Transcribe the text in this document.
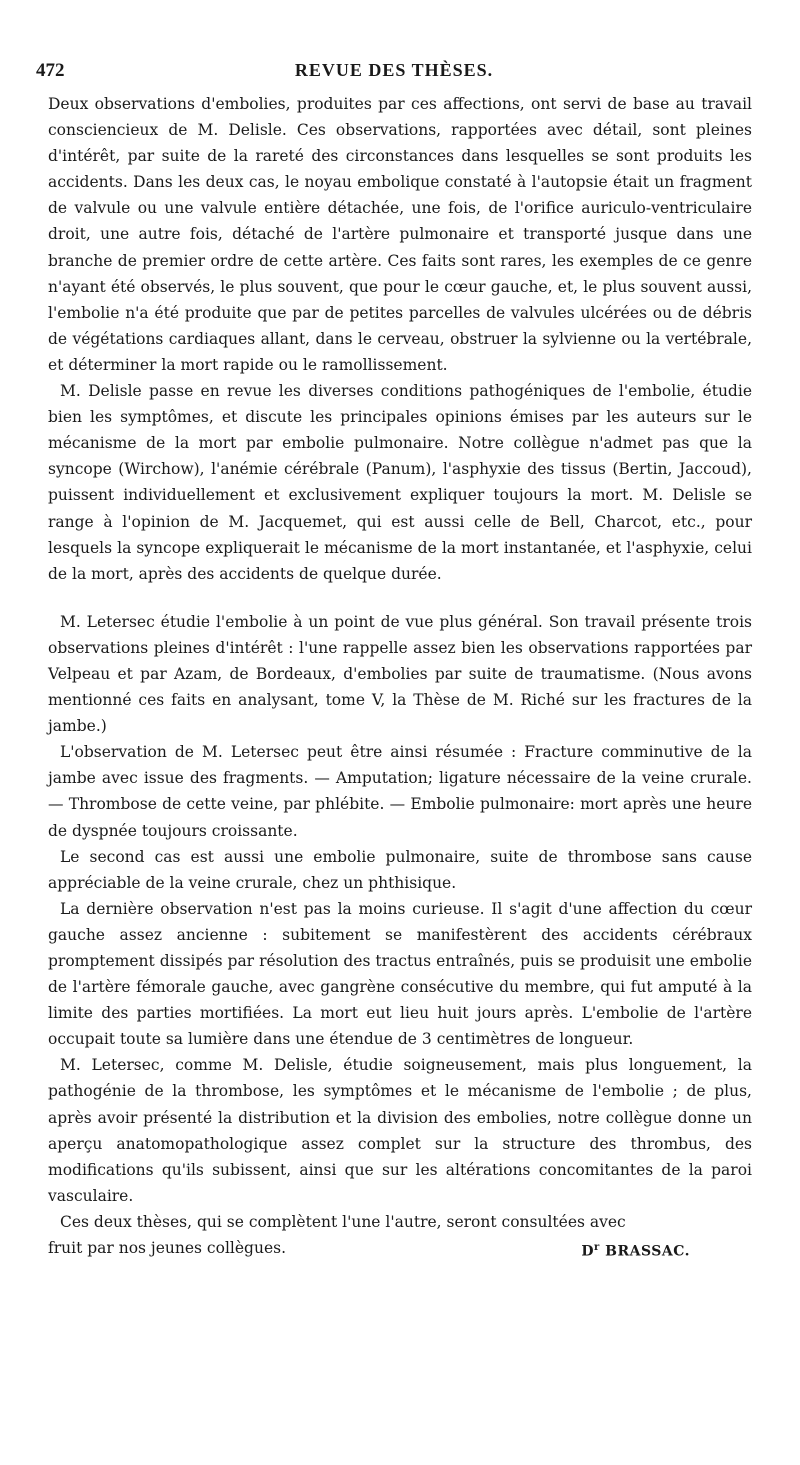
472	REVUE DES THÈSES.

Deux observations d'embolies, produites par ces affections, ont servi de base au travail consciencieux de M. Delisle. Ces observations, rapportées avec détail, sont pleines d'intérêt, par suite de la rareté des circonstances dans lesquelles se sont produits les accidents. Dans les deux cas, le noyau embolique constaté à l'autopsie était un fragment de valvule ou une valvule entière détachée, une fois, de l'orifice auriculo-ventriculaire droit, une autre fois, détaché de l'artère pulmonaire et transporté jusque dans une branche de premier ordre de cette artère. Ces faits sont rares, les exemples de ce genre n'ayant été observés, le plus souvent, que pour le cœur gauche, et, le plus souvent aussi, l'embolie n'a été produite que par de petites parcelles de valvules ulcérées ou de débris de végétations cardiaques allant, dans le cerveau, obstruer la sylvienne ou la vertébrale, et déterminer la mort rapide ou le ramollissement.

M. Delisle passe en revue les diverses conditions pathogéniques de l'embolie, étudie bien les symptômes, et discute les principales opinions émises par les auteurs sur le mécanisme de la mort par embolie pulmonaire. Notre collègue n'admet pas que la syncope (Wirchow), l'anémie cérébrale (Panum), l'asphyxie des tissus (Bertin, Jaccoud), puissent individuellement et exclusivement expliquer toujours la mort. M. Delisle se range à l'opinion de M. Jacquemet, qui est aussi celle de Bell, Charcot, etc., pour lesquels la syncope expliquerait le mécanisme de la mort instantanée, et l'asphyxie, celui de la mort, après des accidents de quelque durée.

M. Letersec étudie l'embolie à un point de vue plus général. Son travail présente trois observations pleines d'intérêt : l'une rappelle assez bien les observations rapportées par Velpeau et par Azam, de Bordeaux, d'embolies par suite de traumatisme. (Nous avons mentionné ces faits en analysant, tome V, la Thèse de M. Riché sur les fractures de la jambe.)

L'observation de M. Letersec peut être ainsi résumée : Fracture comminutive de la jambe avec issue des fragments. — Amputation; ligature nécessaire de la veine crurale. — Thrombose de cette veine, par phlébite. — Embolie pulmonaire: mort après une heure de dyspnée toujours croissante.

Le second cas est aussi une embolie pulmonaire, suite de thrombose sans cause appréciable de la veine crurale, chez un phthisique.

La dernière observation n'est pas la moins curieuse. Il s'agit d'une affection du cœur gauche assez ancienne : subitement se manifestèrent des accidents cérébraux promptement dissipés par résolution des tractus entraînés, puis se produisit une embolie de l'artère fémorale gauche, avec gangrène consécutive du membre, qui fut amputé à la limite des parties mortifiées. La mort eut lieu huit jours après. L'embolie de l'artère occupait toute sa lumière dans une étendue de 3 centimètres de longueur.

M. Letersec, comme M. Delisle, étudie soigneusement, mais plus longuement, la pathogénie de la thrombose, les symptômes et le mécanisme de l'embolie ; de plus, après avoir présenté la distribution et la division des embolies, notre collègue donne un aperçu anatomopathologique assez complet sur la structure des thrombus, des modifications qu'ils subissent, ainsi que sur les altérations concomitantes de la paroi vasculaire.

Ces deux thèses, qui se complètent l'une l'autre, seront consultées avec

fruit par nos jeunes collègues.	$D^r$ BRASSAC.
